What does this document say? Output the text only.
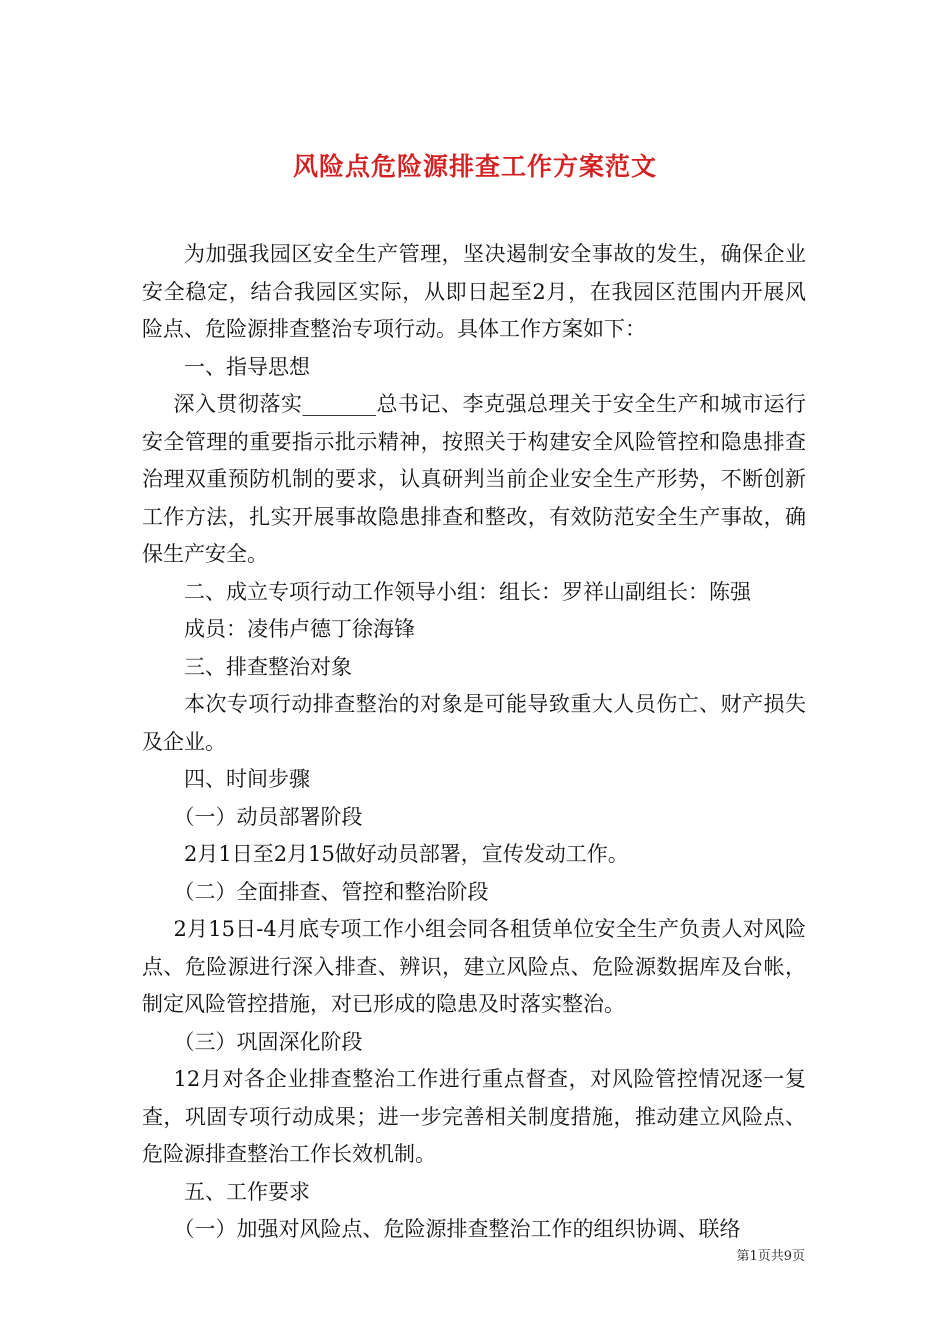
风险点危险源排查工作方案范文

为加强我园区安全生产管理，坚决遏制安全事故的发生，确保企业安全稳定，结合我园区实际，从即日起至2月，在我园区范围内开展风险点、危险源排查整治专项行动。具体工作方案如下：

一、指导思想

深入贯彻落实_______总书记、李克强总理关于安全生产和城市运行安全管理的重要指示批示精神，按照关于构建安全风险管控和隐患排查治理双重预防机制的要求，认真研判当前企业安全生产形势，不断创新工作方法，扎实开展事故隐患排查和整改，有效防范安全生产事故，确保生产安全。

二、成立专项行动工作领导小组：组长：罗祥山副组长：陈强

成员：凌伟卢德丁徐海锋

三、排查整治对象

本次专项行动排查整治的对象是可能导致重大人员伤亡、财产损失及企业。

四、时间步骤

（一）动员部署阶段

2月1日至2月15做好动员部署，宣传发动工作。

（二）全面排查、管控和整治阶段

2月15日-4月底专项工作小组会同各租赁单位安全生产负责人对风险点、危险源进行深入排查、辨识，建立风险点、危险源数据库及台帐，制定风险管控措施，对已形成的隐患及时落实整治。

（三）巩固深化阶段

12月对各企业排查整治工作进行重点督查，对风险管控情况逐一复查，巩固专项行动成果；进一步完善相关制度措施，推动建立风险点、危险源排查整治工作长效机制。

五、工作要求

（一）加强对风险点、危险源排查整治工作的组织协调、联络

第1页共9页
